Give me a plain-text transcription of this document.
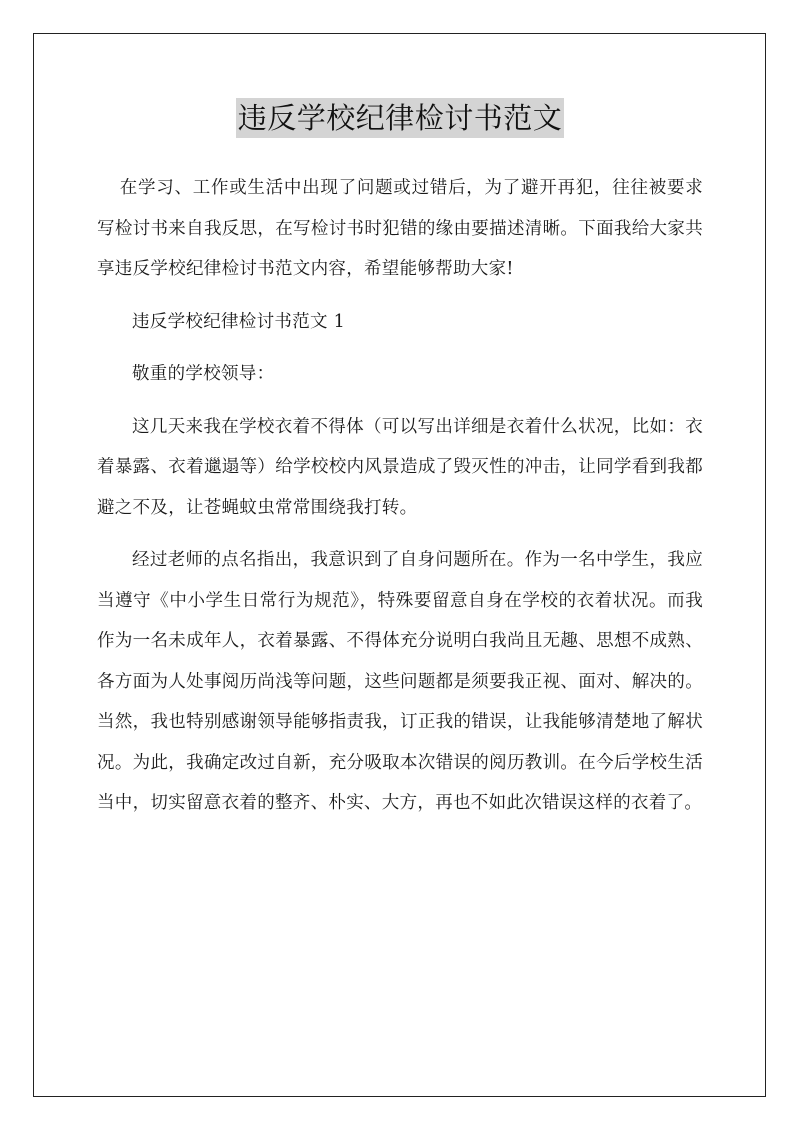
违反学校纪律检讨书范文

在学习、工作或生活中出现了问题或过错后，为了避开再犯，往往被要求写检讨书来自我反思，在写检讨书时犯错的缘由要描述清晰。下面我给大家共享违反学校纪律检讨书范文内容，希望能够帮助大家!

违反学校纪律检讨书范文 1

敬重的学校领导：

这几天来我在学校衣着不得体（可以写出详细是衣着什么状况，比如：衣着暴露、衣着邋遢等）给学校校内风景造成了毁灭性的冲击，让同学看到我都避之不及，让苍蝇蚊虫常常围绕我打转。

经过老师的点名指出，我意识到了自身问题所在。作为一名中学生，我应当遵守《中小学生日常行为规范》，特殊要留意自身在学校的衣着状况。而我作为一名未成年人，衣着暴露、不得体充分说明白我尚且无趣、思想不成熟、各方面为人处事阅历尚浅等问题，这些问题都是须要我正视、面对、解决的。 当然，我也特别感谢领导能够指责我，订正我的错误，让我能够清楚地了解状况。为此，我确定改过自新，充分吸取本次错误的阅历教训。在今后学校生活当中，切实留意衣着的整齐、朴实、大方，再也不如此次错误这样的衣着了。
